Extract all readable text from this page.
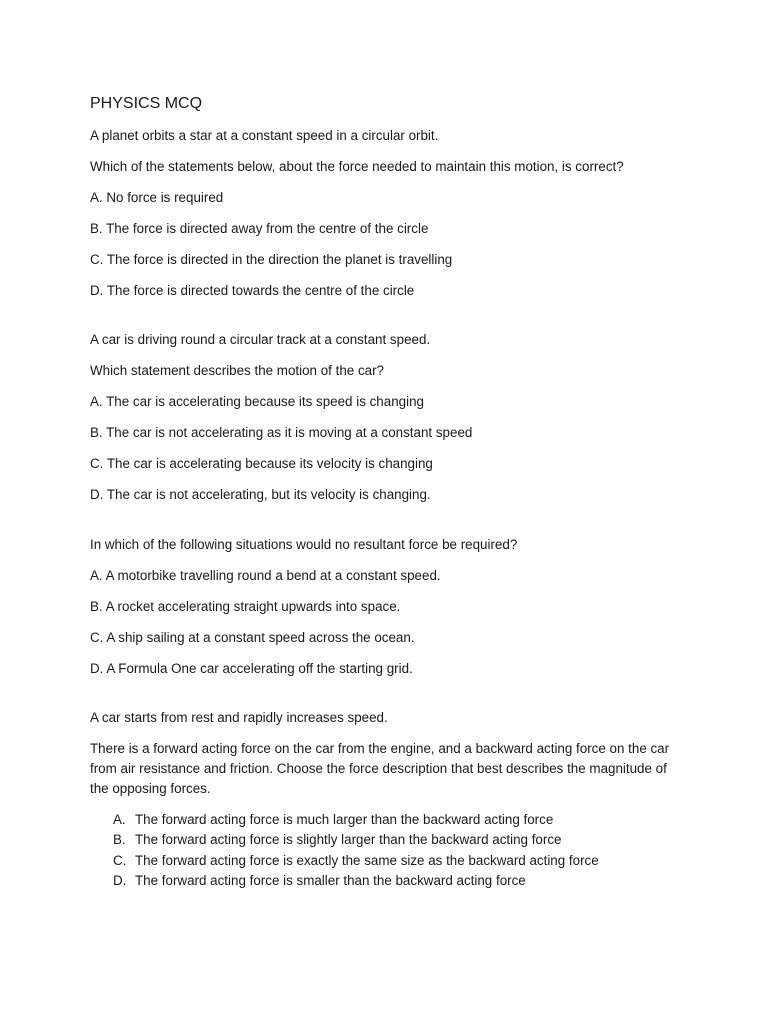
PHYSICS MCQ

A planet orbits a star at a constant speed in a circular orbit.

Which of the statements below, about the force needed to maintain this motion, is correct?

A. No force is required

B. The force is directed away from the centre of the circle

C. The force is directed in the direction the planet is travelling

D. The force is directed towards the centre of the circle

A car is driving round a circular track at a constant speed.

Which statement describes the motion of the car?

A. The car is accelerating because its speed is changing

B. The car is not accelerating as it is moving at a constant speed

C. The car is accelerating because its velocity is changing

D. The car is not accelerating, but its velocity is changing.

In which of the following situations would no resultant force be required?

A. A motorbike travelling round a bend at a constant speed.

B. A rocket accelerating straight upwards into space.

C. A ship sailing at a constant speed across the ocean.

D. A Formula One car accelerating off the starting grid.

A car starts from rest and rapidly increases speed.

There is a forward acting force on the car from the engine, and a backward acting force on the car from air resistance and friction. Choose the force description that best describes the magnitude of the opposing forces.

A. The forward acting force is much larger than the backward acting force
B. The forward acting force is slightly larger than the backward acting force
C. The forward acting force is exactly the same size as the backward acting force
D. The forward acting force is smaller than the backward acting force
